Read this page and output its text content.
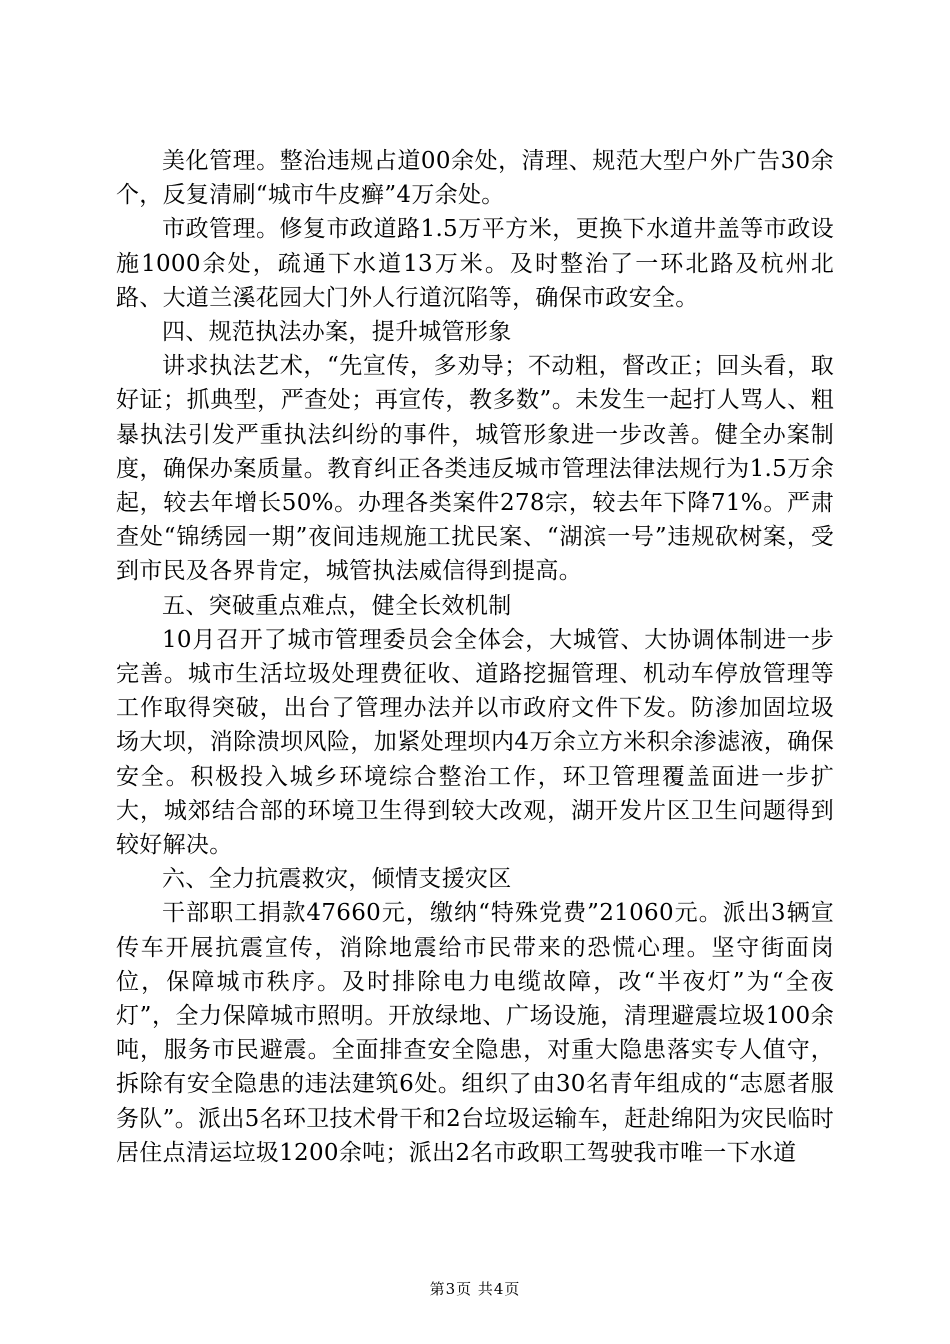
美化管理。整治违规占道00余处，清理、规范大型户外广告30余个，反复清刷“城市牛皮癣”4万余处。

市政管理。修复市政道路1.5万平方米，更换下水道井盖等市政设施1000余处，疏通下水道13万米。及时整治了一环北路及杭州北路、大道兰溪花园大门外人行道沉陷等，确保市政安全。

四、规范执法办案，提升城管形象

讲求执法艺术，“先宣传，多劝导；不动粗，督改正；回头看，取好证；抓典型，严查处；再宣传，教多数”。未发生一起打人骂人、粗暴执法引发严重执法纠纷的事件，城管形象进一步改善。健全办案制度，确保办案质量。教育纠正各类违反城市管理法律法规行为1.5万余起，较去年增长50%。办理各类案件278宗，较去年下降71%。严肃查处“锦绣园一期”夜间违规施工扰民案、“湖滨一号”违规砍树案，受到市民及各界肯定，城管执法威信得到提高。

五、突破重点难点，健全长效机制

10月召开了城市管理委员会全体会，大城管、大协调体制进一步完善。城市生活垃圾处理费征收、道路挖掘管理、机动车停放管理等工作取得突破，出台了管理办法并以市政府文件下发。防渗加固垃圾场大坝，消除溃坝风险，加紧处理坝内4万余立方米积余渗滤液，确保安全。积极投入城乡环境综合整治工作，环卫管理覆盖面进一步扩大，城郊结合部的环境卫生得到较大改观，湖开发片区卫生问题得到较好解决。

六、全力抗震救灾，倾情支援灾区

干部职工捐款47660元，缴纳“特殊党费”21060元。派出3辆宣传车开展抗震宣传，消除地震给市民带来的恐慌心理。坚守街面岗位，保障城市秩序。及时排除电力电缆故障，改“半夜灯”为“全夜灯”，全力保障城市照明。开放绿地、广场设施，清理避震垃圾100余吨，服务市民避震。全面排查安全隐患，对重大隐患落实专人值守，拆除有安全隐患的违法建筑6处。组织了由30名青年组成的“志愿者服务队”。派出5名环卫技术骨干和2台垃圾运输车，赶赴绵阳为灾民临时居住点清运垃圾1200余吨；派出2名市政职工驾驶我市唯一下水道

第3页 共4页
